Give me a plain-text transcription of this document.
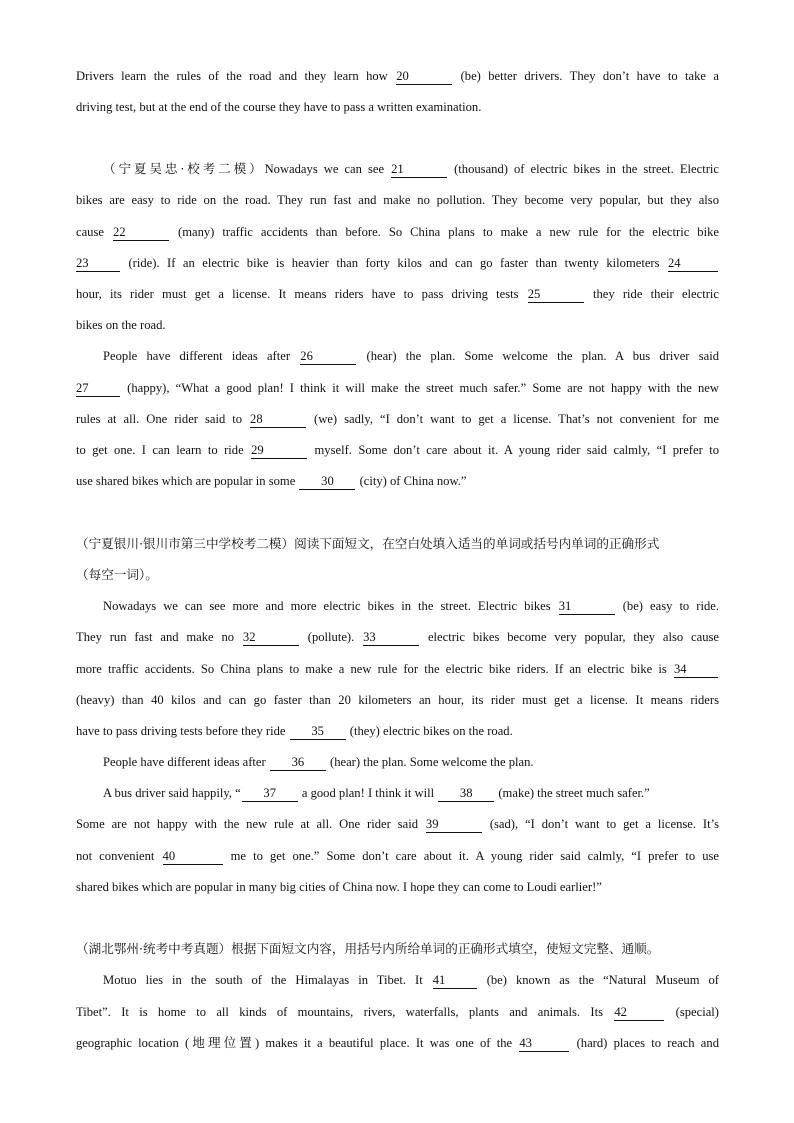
Drivers learn the rules of the road and they learn how 20	(be) better drivers. They don’t have to take a
driving test, but at the end of the course they have to pass a written examination.
（宁夏吴忠·校考二模）Nowadays we can see 21	(thousand) of electric bikes in the street. Electric
bikes are easy to ride on the road. They run fast and make no pollution. They become very popular, but they also
cause 22	(many) traffic accidents than before. So China plans to make a new rule for the electric bike
23	(ride). If an electric bike is heavier than forty kilos and can go faster than twenty kilometers 24
hour, its rider must get a license. It means riders have to pass driving tests 25	they ride their electric
bikes on the road.
People have different ideas after 26	(hear) the plan. Some welcome the plan. A bus driver said
27	(happy), “What a good plan! I think it will make the street much safer.” Some are not happy with the new
rules at all. One rider said to 28	(we) sadly, “I don’t want to get a license. That’s not convenient for me
to get one. I can learn to ride 29	myself. Some don’t care about it. A young rider said calmly, “I prefer to
use shared bikes which are popular in some 30 (city) of China now.”
（宁夏银川·银川市第三中学校考二模）阅读下面短文，在空白处填入适当的单词或括号内单词的正确形式
（每空一词）。
Nowadays we can see more and more electric bikes in the street. Electric bikes 31	(be) easy to ride.
They run fast and make no 32	(pollute). 33	electric bikes become very popular, they also cause
more traffic accidents. So China plans to make a new rule for the electric bike riders. If an electric bike is 34
(heavy) than 40 kilos and can go faster than 20 kilometers an hour, its rider must get a license. It means riders
have to pass driving tests before they ride 35 (they) electric bikes on the road.
People have different ideas after 36 (hear) the plan. Some welcome the plan.
A bus driver said happily, “ 37 a good plan! I think it will 38 (make) the street much safer.”
Some are not happy with the new rule at all. One rider said 39	(sad), “I don’t want to get a license. It’s
not convenient 40	me to get one.” Some don’t care about it. A young rider said calmly, “I prefer to use
shared bikes which are popular in many big cities of China now. I hope they can come to Loudi earlier!”
（湖北鄂州·统考中考真题）根据下面短文内容，用括号内所给单词的正确形式填空，使短文完整、通顺。
Motuo lies in the south of the Himalayas in Tibet. It 41	(be) known as the “Natural Museum of
Tibet”. It is home to all kinds of mountains, rivers, waterfalls, plants and animals. Its 42	(special)
geographic location (地理位置) makes it a beautiful place. It was one of the 43	(hard) places to reach and
